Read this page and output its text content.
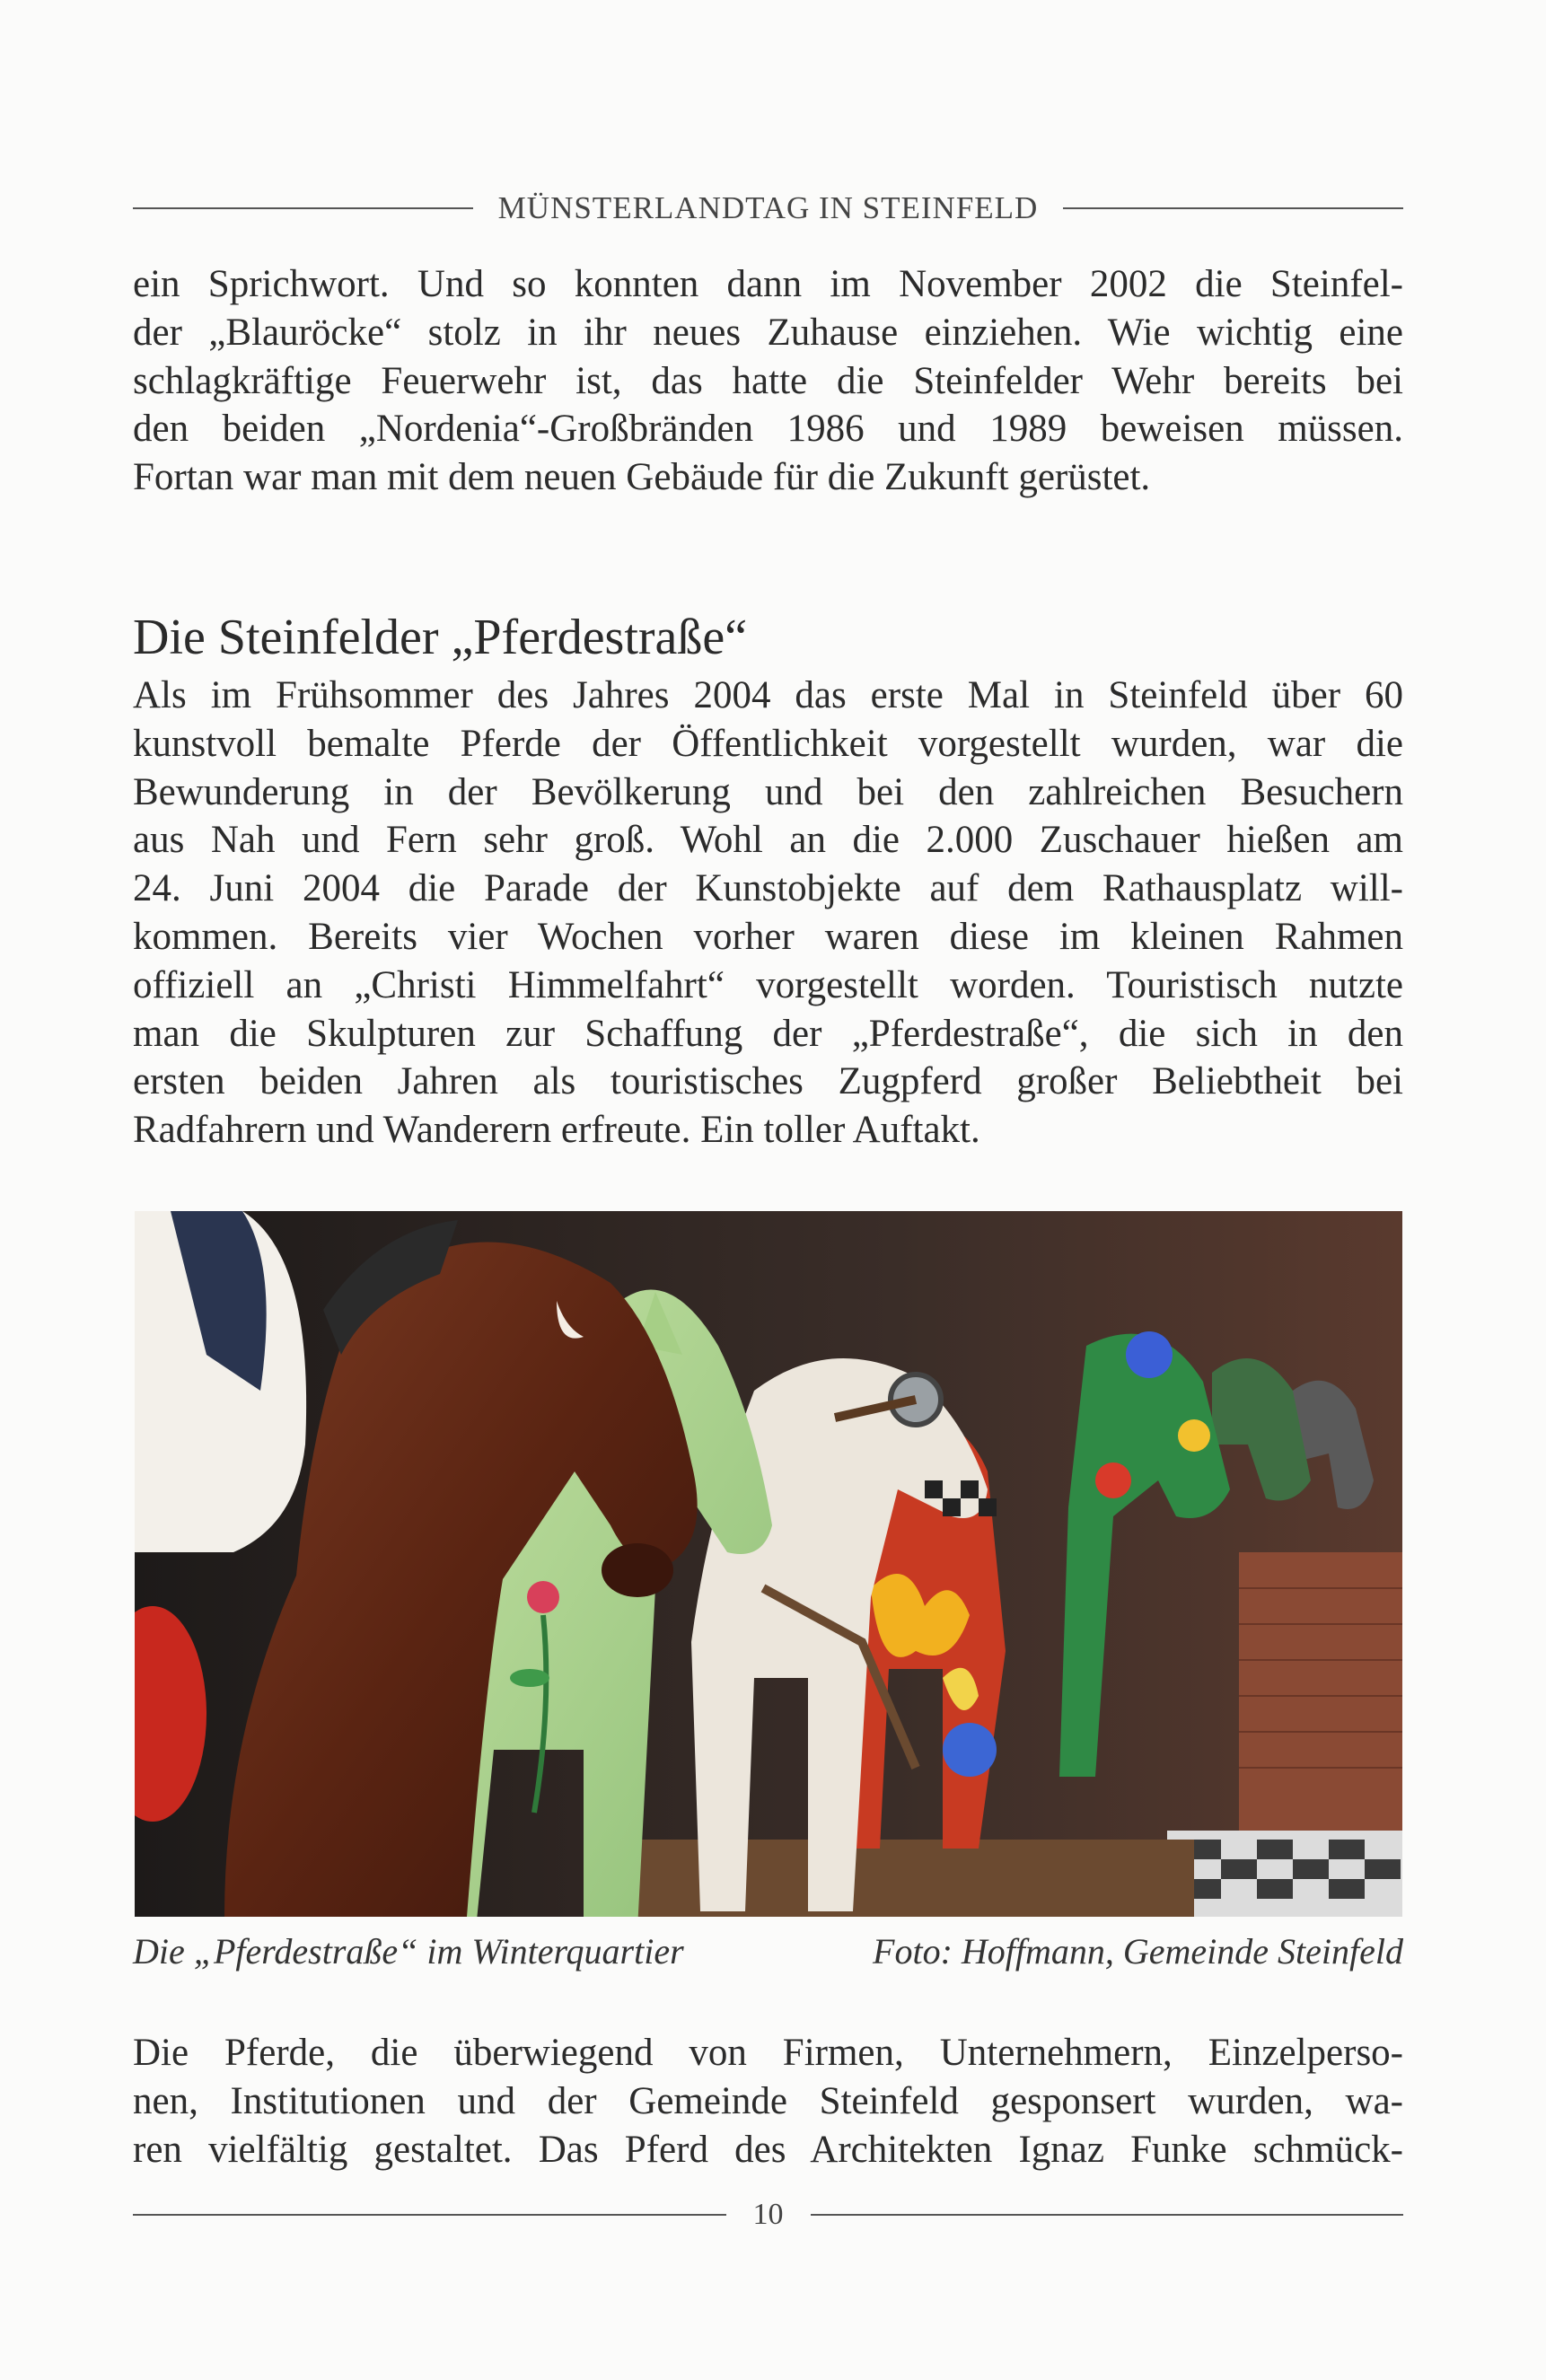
MÜNSTERLANDTAG IN STEINFELD
ein Sprichwort. Und so konnten dann im November 2002 die Steinfel-
der „Blauröcke“ stolz in ihr neues Zuhause einziehen. Wie wichtig eine
schlagkräftige Feuerwehr ist, das hatte die Steinfelder Wehr bereits bei
den beiden „Nordenia“-Großbränden 1986 und 1989 beweisen müssen.
Fortan war man mit dem neuen Gebäude für die Zukunft gerüstet.
Die Steinfelder „Pferdestraße“
Als im Frühsommer des Jahres 2004 das erste Mal in Steinfeld über 60
kunstvoll bemalte Pferde der Öffentlichkeit vorgestellt wurden, war die
Bewunderung in der Bevölkerung und bei den zahlreichen Besuchern
aus Nah und Fern sehr groß. Wohl an die 2.000 Zuschauer hießen am
24. Juni 2004 die Parade der Kunstobjekte auf dem Rathausplatz will-
kommen. Bereits vier Wochen vorher waren diese im kleinen Rahmen
offiziell an „Christi Himmelfahrt“ vorgestellt worden. Touristisch nutzte
man die Skulpturen zur Schaffung der „Pferdestraße“, die sich in den
ersten beiden Jahren als touristisches Zugpferd großer Beliebtheit bei
Radfahrern und Wanderern erfreute. Ein toller Auftakt.
Die „Pferdestraße“ im Winterquartier	Foto: Hoffmann, Gemeinde Steinfeld
Die Pferde, die überwiegend von Firmen, Unternehmern, Einzelperso-
nen, Institutionen und der Gemeinde Steinfeld gesponsert wurden, wa-
ren vielfältig gestaltet. Das Pferd des Architekten Ignaz Funke schmück-
10
